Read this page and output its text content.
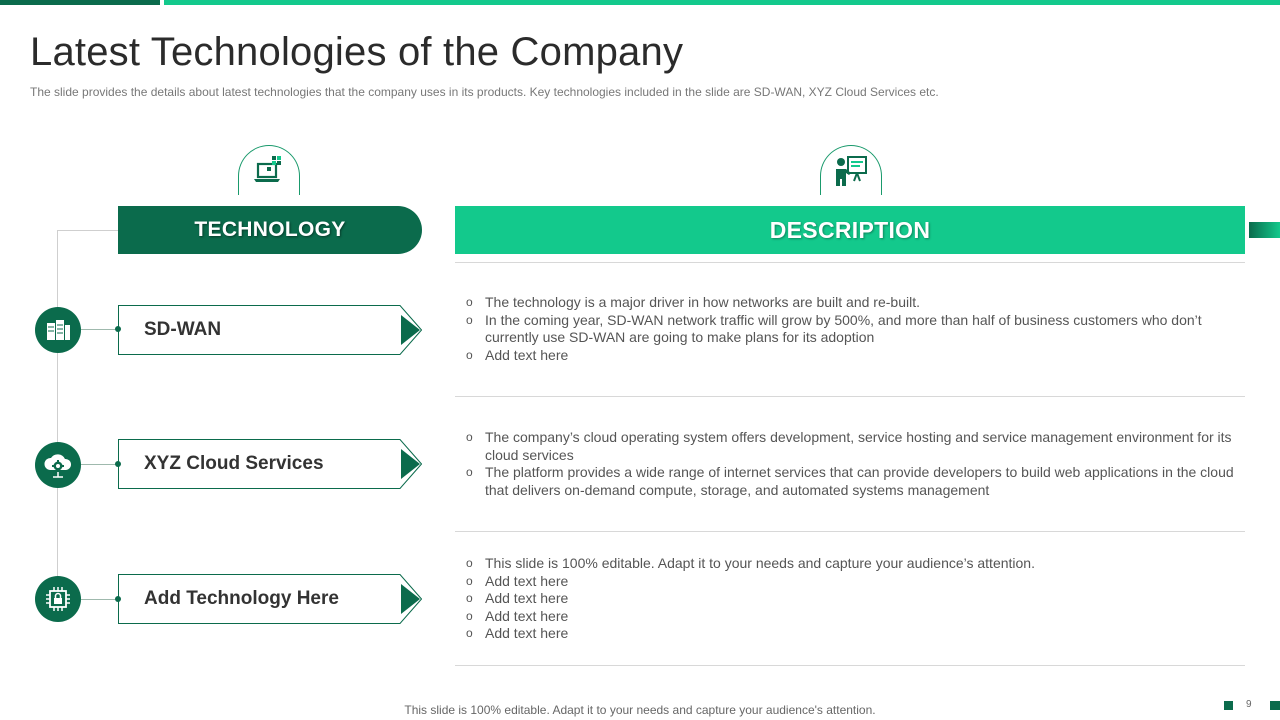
Latest Technologies of the Company
The slide provides the details about latest technologies that the company uses in its products. Key technologies included in the slide are SD-WAN, XYZ Cloud Services etc.
TECHNOLOGY	DESCRIPTION
SD-WAN
XYZ Cloud Services
Add Technology Here
o The technology is a major driver in how networks are built and re-built.
o In the coming year, SD-WAN network traffic will grow by 500%, and more than half of business customers who don’t currently use SD-WAN are going to make plans for its adoption
o Add text here
o The company’s cloud operating system offers development, service hosting and service management environment for its cloud services
o The platform provides a wide range of internet services that can provide developers to build web applications in the cloud that delivers on-demand compute, storage, and automated systems management
o This slide is 100% editable. Adapt it to your needs and capture your audience’s attention.
o Add text here
o Add text here
o Add text here
o Add text here
This slide is 100% editable. Adapt it to your needs and capture your audience's attention.	9
